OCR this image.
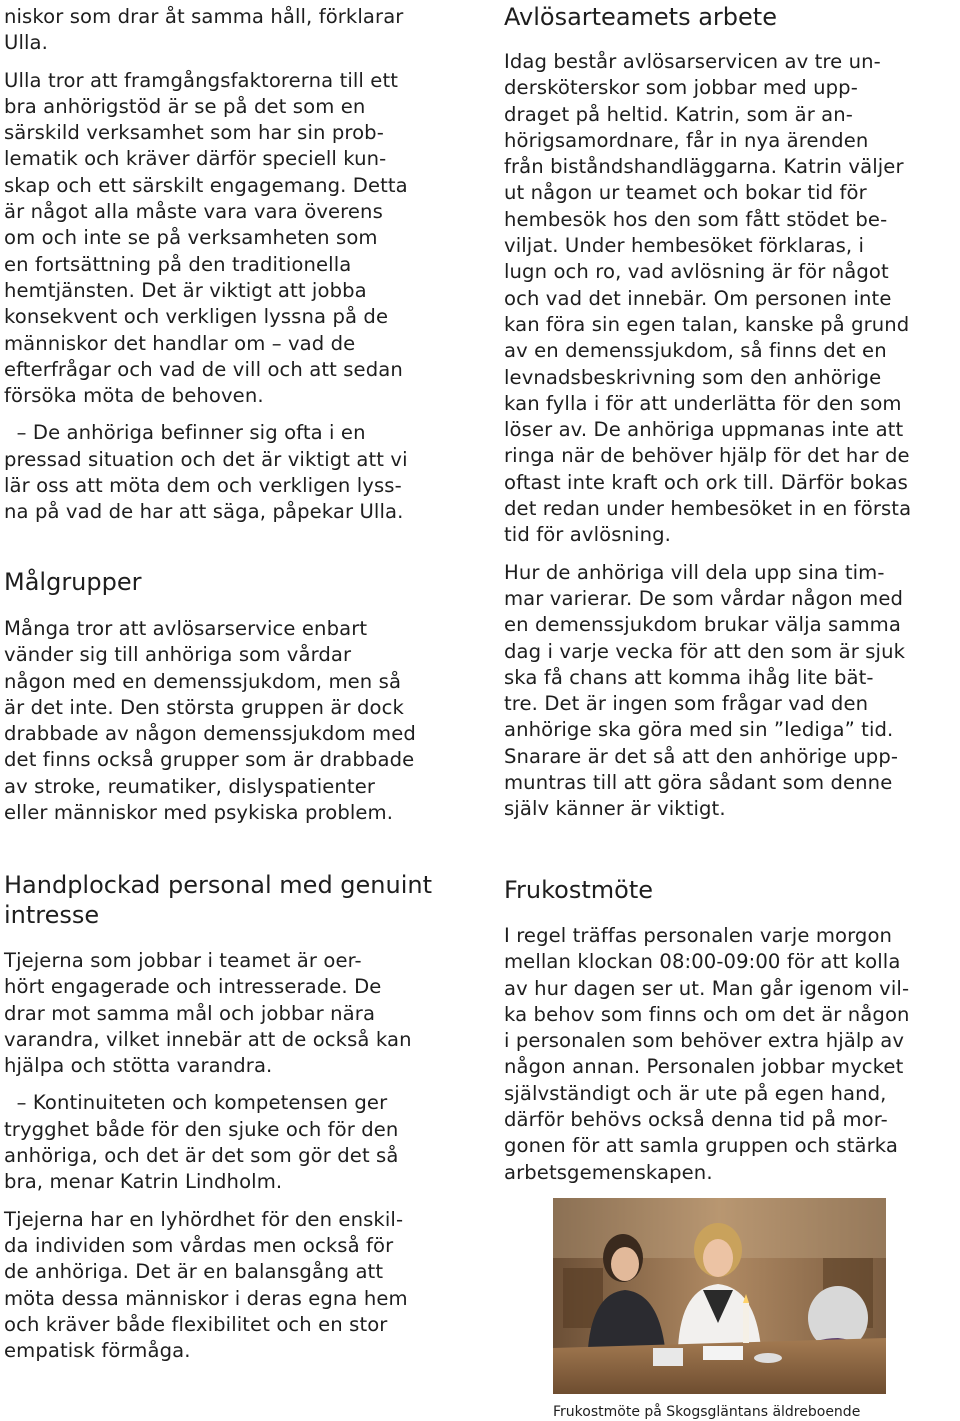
niskor som drar åt samma håll, förklarar
Ulla.

Ulla tror att framgångsfaktorerna till ett
bra anhörigstöd är se på det som en
särskild verksamhet som har sin prob-
lematik och kräver därför speciell kun-
skap och ett särskilt engagemang. Detta
är något alla måste vara vara överens
om och inte se på verksamheten som
en fortsättning på den traditionella
hemtjänsten. Det är viktigt att jobba
konsekvent och verkligen lyssna på de
människor det handlar om – vad de
efterfrågar och vad de vill och att sedan
försöka möta de behoven.

– De anhöriga befinner sig ofta i en
pressad situation och det är viktigt att vi
lär oss att möta dem och verkligen lyss-
na på vad de har att säga, påpekar Ulla.

Målgrupper

Många tror att avlösarservice enbart
vänder sig till anhöriga som vårdar
någon med en demenssjukdom, men så
är det inte. Den största gruppen är dock
drabbade av någon demenssjukdom med
det finns också grupper som är drabbade
av stroke, reumatiker, dislyspatienter
eller människor med psykiska problem.

Avlösarteamets arbete

Idag består avlösarservicen av tre un-
dersköterskor som jobbar med upp-
draget på heltid. Katrin, som är an-
hörigsamordnare, får in nya ärenden
från biståndshandläggarna. Katrin väljer
ut någon ur teamet och bokar tid för
hembesök hos den som fått stödet be-
viljat. Under hembesöket förklaras, i
lugn och ro, vad avlösning är för något
och vad det innebär. Om personen inte
kan föra sin egen talan, kanske på grund
av en demenssjukdom, så finns det en
levnadsbeskrivning som den anhörige
kan fylla i för att underlätta för den som
löser av. De anhöriga uppmanas inte att
ringa när de behöver hjälp för det har de
oftast inte kraft och ork till. Därför bokas
det redan under hembesöket in en första
tid för avlösning.

Hur de anhöriga vill dela upp sina tim-
mar varierar. De som vårdar någon med
en demenssjukdom brukar välja samma
dag i varje vecka för att den som är sjuk
ska få chans att komma ihåg lite bät-
tre. Det är ingen som frågar vad den
anhörige ska göra med sin ”lediga” tid.
Snarare är det så att den anhörige upp-
muntras till att göra sådant som denne
själv känner är viktigt.

Handplockad personal med genuint
intresse

Tjejerna som jobbar i teamet är oer-
hört engagerade och intresserade. De
drar mot samma mål och jobbar nära
varandra, vilket innebär att de också kan
hjälpa och stötta varandra.

– Kontinuiteten och kompetensen ger
trygghet både för den sjuke och för den
anhöriga, och det är det som gör det så
bra, menar Katrin Lindholm.

Tjejerna har en lyhördhet för den enskil-
da individen som vårdas men också för
de anhöriga. Det är en balansgång att
möta dessa människor i deras egna hem
och kräver både flexibilitet och en stor
empatisk förmåga.

Frukostmöte

I regel träffas personalen varje morgon
mellan klockan 08:00-09:00 för att kolla
av hur dagen ser ut. Man går igenom vil-
ka behov som finns och om det är någon
i personalen som behöver extra hjälp av
någon annan. Personalen jobbar mycket
självständigt och är ute på egen hand,
därför behövs också denna tid på mor-
gonen för att samla gruppen och stärka
arbetsgemenskapen.

Frukostmöte på Skogsgläntans äldreboende
